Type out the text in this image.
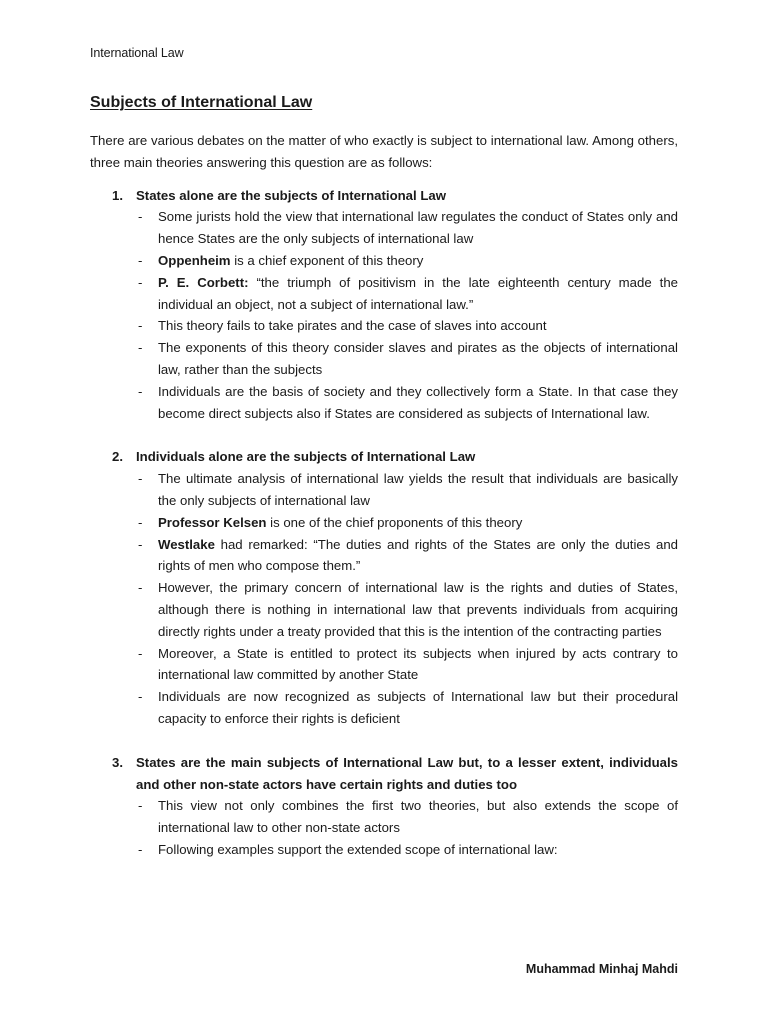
International Law
Subjects of International Law

There are various debates on the matter of who exactly is subject to international law. Among others, three main theories answering this question are as follows:

1. States alone are the subjects of International Law
-	Some jurists hold the view that international law regulates the conduct of States only and hence States are the only subjects of international law
-	Oppenheim is a chief exponent of this theory
-	P. E. Corbett: “the triumph of positivism in the late eighteenth century made the individual an object, not a subject of international law.”
-	This theory fails to take pirates and the case of slaves into account
-	The exponents of this theory consider slaves and pirates as the objects of international law, rather than the subjects
-	Individuals are the basis of society and they collectively form a State. In that case they become direct subjects also if States are considered as subjects of International law.
2. Individuals alone are the subjects of International Law
-	The ultimate analysis of international law yields the result that individuals are basically the only subjects of international law
-	Professor Kelsen is one of the chief proponents of this theory
-	Westlake had remarked: “The duties and rights of the States are only the duties and rights of men who compose them.”
-	However, the primary concern of international law is the rights and duties of States, although there is nothing in international law that prevents individuals from acquiring directly rights under a treaty provided that this is the intention of the contracting parties
-	Moreover, a State is entitled to protect its subjects when injured by acts contrary to international law committed by another State
-	Individuals are now recognized as subjects of International law but their procedural capacity to enforce their rights is deficient
3. States are the main subjects of International Law but, to a lesser extent, individuals and other non-state actors have certain rights and duties too
-	This view not only combines the first two theories, but also extends the scope of international law to other non-state actors
-	Following examples support the extended scope of international law:
Muhammad Minhaj Mahdi
